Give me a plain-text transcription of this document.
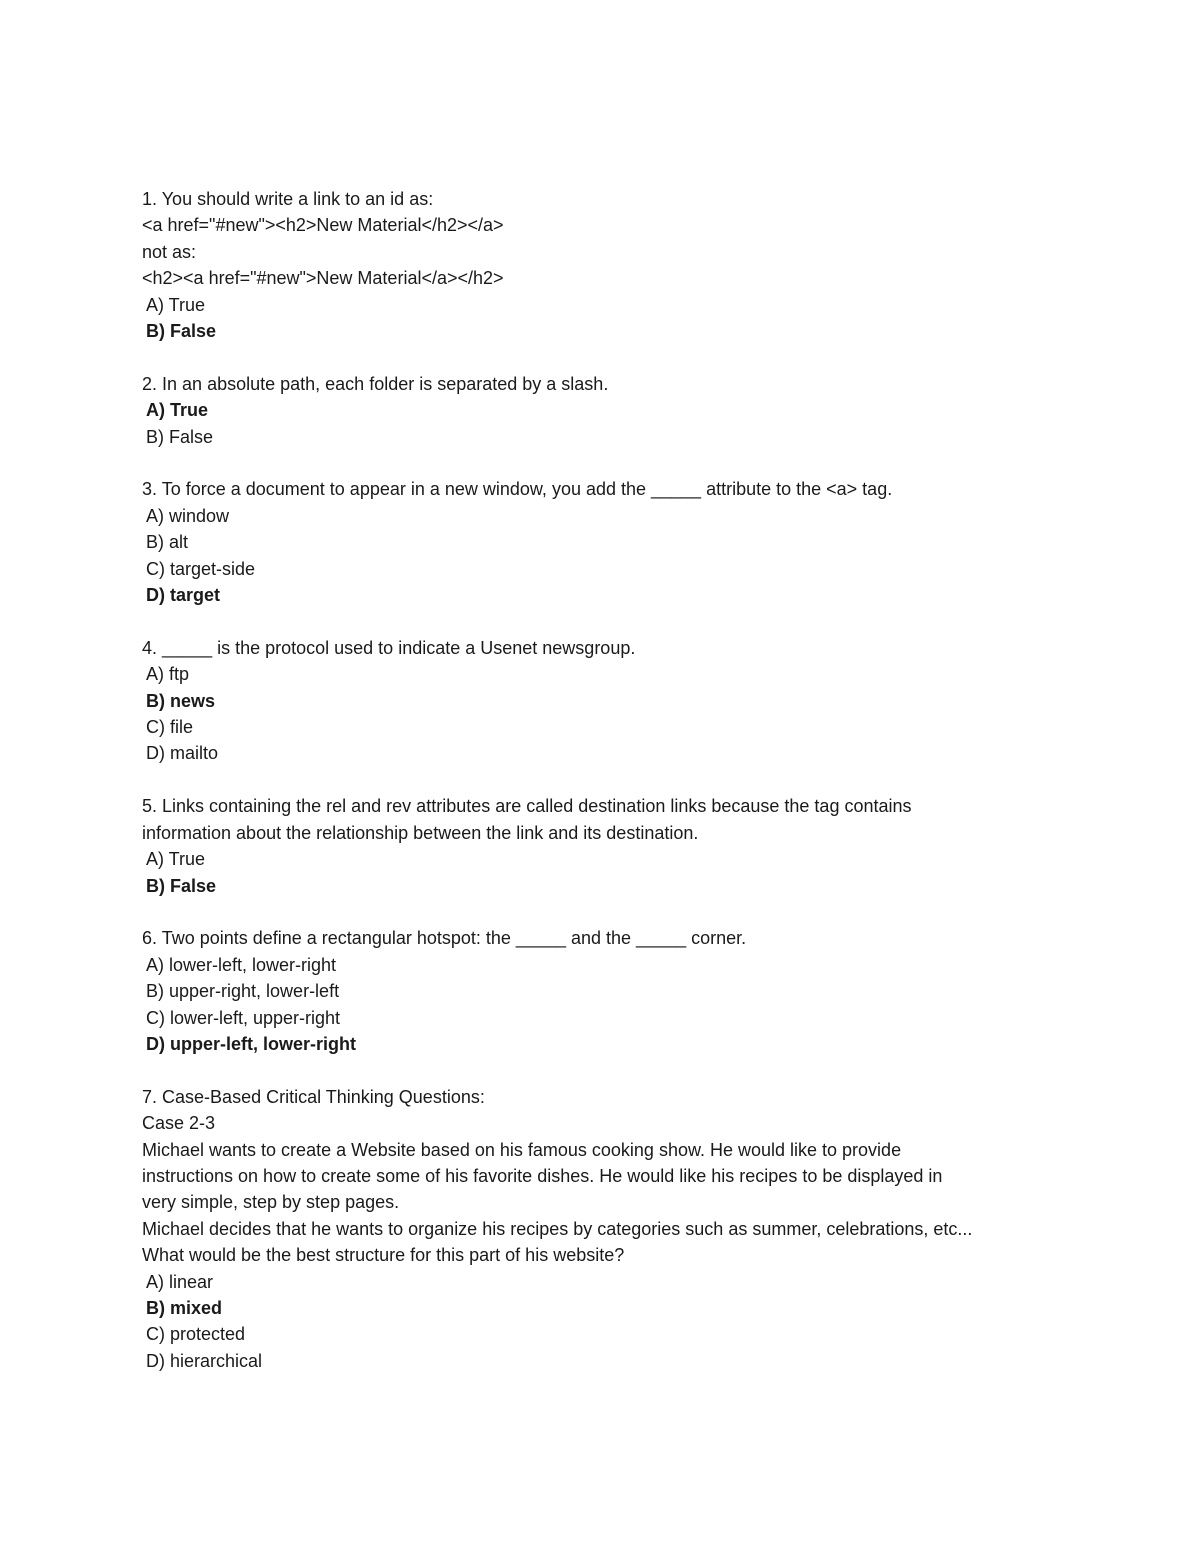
1. You should write a link to an id as:

<a href="#new"><h2>New Material</h2></a>

not as:

<h2><a href="#new">New Material</a></h2>

A) True

B) False

2. In an absolute path, each folder is separated by a slash.

A) True

B) False

3. To force a document to appear in a new window, you add the _____ attribute to the <a> tag.

A) window

B) alt

C) target-side

D) target

4. _____ is the protocol used to indicate a Usenet newsgroup.

A) ftp

B) news

C) file

D) mailto

5. Links containing the rel and rev attributes are called destination links because the tag contains

information about the relationship between the link and its destination.

A) True

B) False

6. Two points define a rectangular hotspot: the _____ and the _____ corner.

A) lower-left, lower-right

B) upper-right, lower-left

C) lower-left, upper-right

D) upper-left, lower-right

7. Case-Based Critical Thinking Questions:

Case 2-3

Michael wants to create a Website based on his famous cooking show. He would like to provide

instructions on how to create some of his favorite dishes. He would like his recipes to be displayed in

very simple, step by step pages.

Michael decides that he wants to organize his recipes by categories such as summer, celebrations, etc...

What would be the best structure for this part of his website?

A) linear

B) mixed

C) protected

D) hierarchical
